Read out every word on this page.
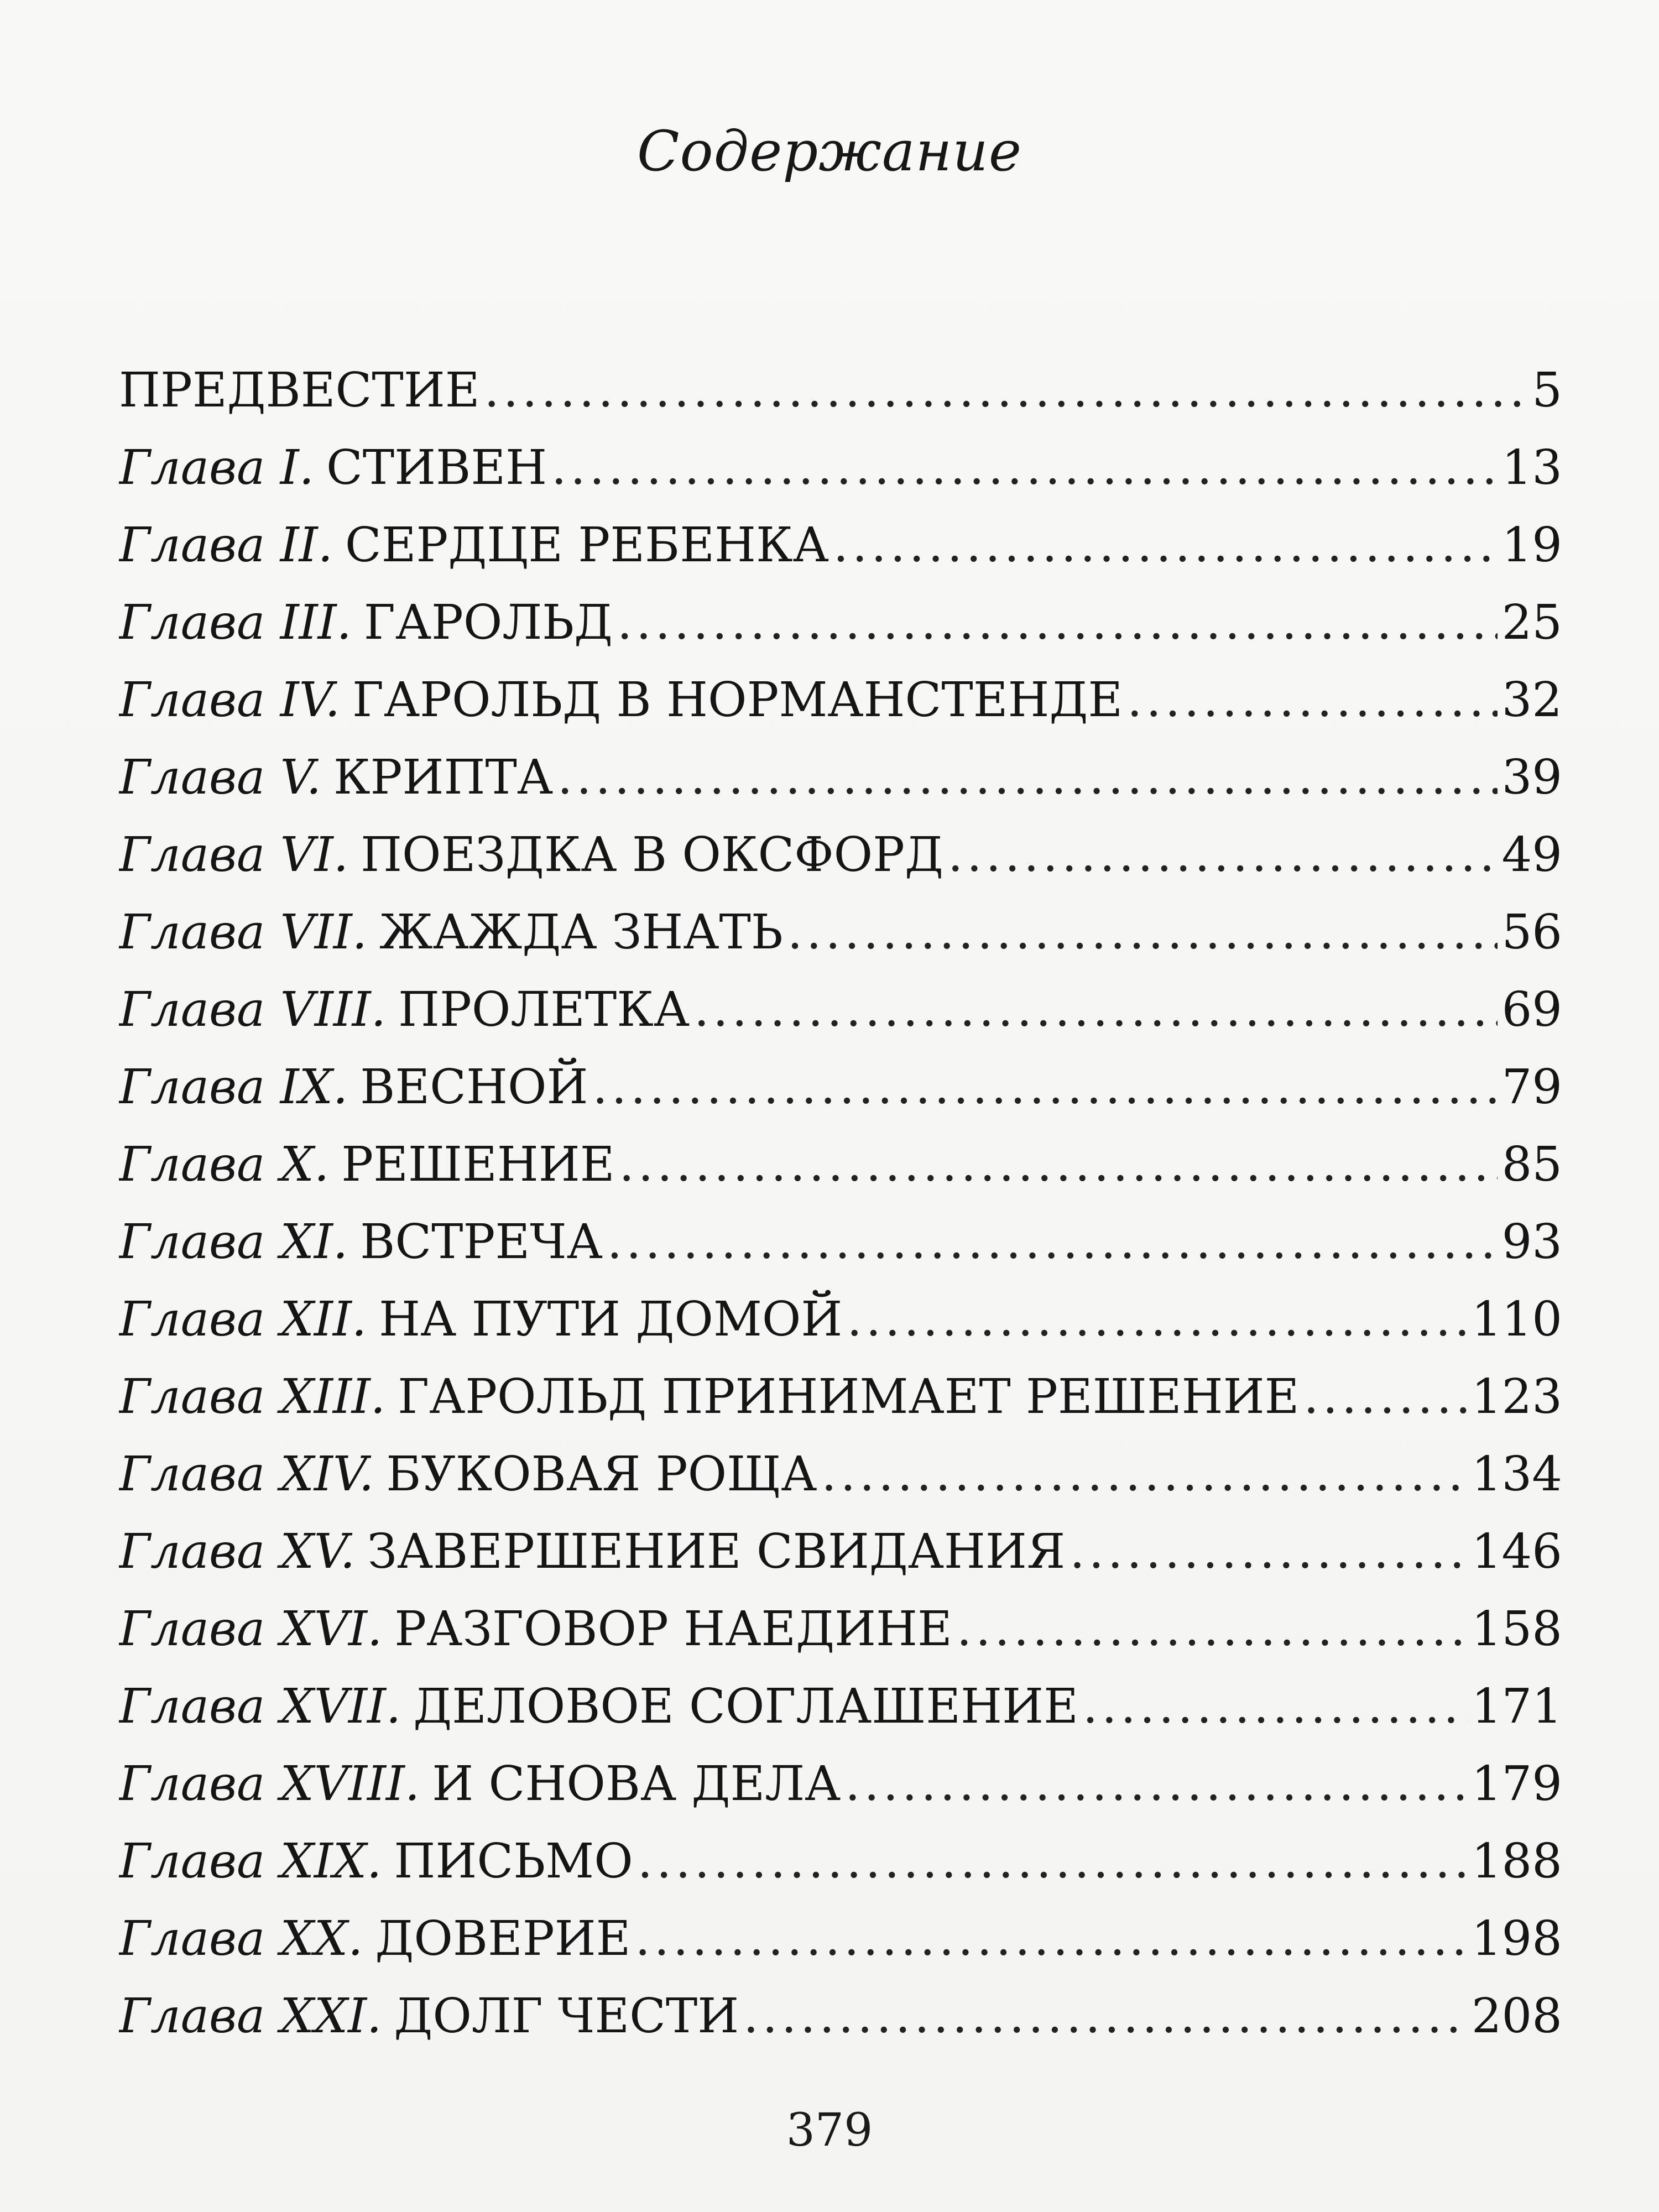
Содержание
ПРЕДВЕСТИЕ .....	5
Глава I. СТИВЕН .....	13
Глава II. СЕРДЦЕ РЕБЕНКА .....	19
Глава III. ГАРОЛЬД .....	25
Глава IV. ГАРОЛЬД В НОРМАНСТЕНДЕ .....	32
Глава V. КРИПТА .....	39
Глава VI. ПОЕЗДКА В ОКСФОРД .....	49
Глава VII. ЖАЖДА ЗНАТЬ .....	56
Глава VIII. ПРОЛЕТКА .....	69
Глава IX. ВЕСНОЙ .....	79
Глава X. РЕШЕНИЕ .....	85
Глава XI. ВСТРЕЧА .....	93
Глава XII. НА ПУТИ ДОМОЙ .....	110
Глава XIII. ГАРОЛЬД ПРИНИМАЕТ РЕШЕНИЕ .....	123
Глава XIV. БУКОВАЯ РОЩА .....	134
Глава XV. ЗАВЕРШЕНИЕ СВИДАНИЯ .....	146
Глава XVI. РАЗГОВОР НАЕДИНЕ .....	158
Глава XVII. ДЕЛОВОЕ СОГЛАШЕНИЕ .....	171
Глава XVIII. И СНОВА ДЕЛА .....	179
Глава XIX. ПИСЬМО .....	188
Глава XX. ДОВЕРИЕ .....	198
Глава XXI. ДОЛГ ЧЕСТИ .....	208
379
